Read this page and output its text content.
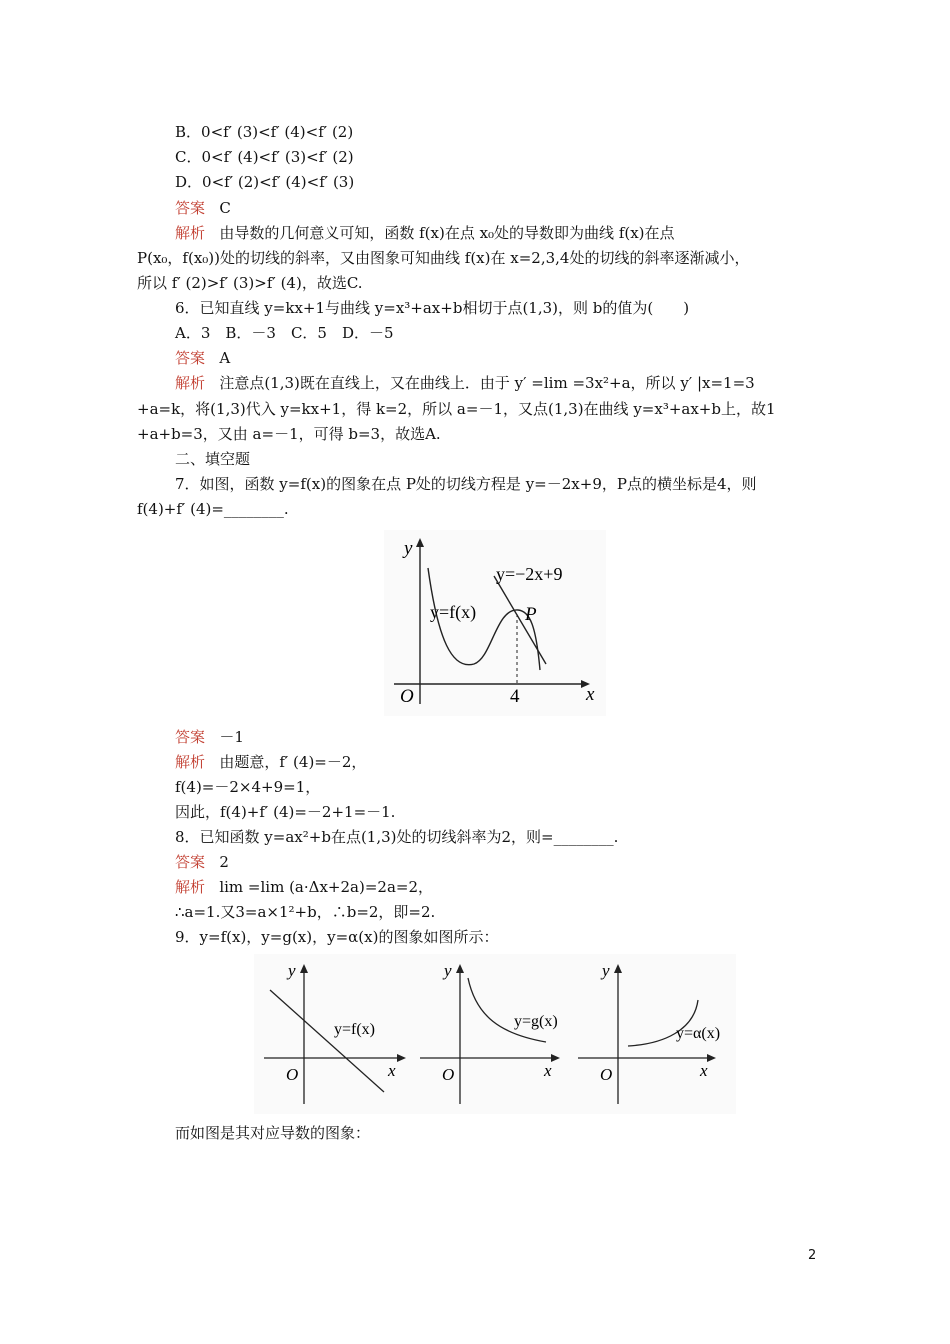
B．0<f′ (3)<f′ (4)<f′ (2)
C．0<f′ (4)<f′ (3)<f′ (2)
D．0<f′ (2)<f′ (4)<f′ (3)
答案 C
解析 由导数的几何意义可知，函数 f(x)在点 x₀处的导数即为曲线 f(x)在点
P(x₀，f(x₀))处的切线的斜率，又由图象可知曲线 f(x)在 x=2,3,4处的切线的斜率逐渐减小，
所以 f′ (2)>f′ (3)>f′ (4)，故选C.
6．已知直线 y=kx+1与曲线 y=x³+ax+b相切于点(1,3)，则 b的值为(　　)
A．3　B．－3　C．5　D．－5
答案 A
解析 注意点(1,3)既在直线上，又在曲线上．由于 y′ =lim =3x²+a，所以 y′ |x=1=3
+a=k，将(1,3)代入 y=kx+1，得 k=2，所以 a=－1，又点(1,3)在曲线 y=x³+ax+b上，故1
+a+b=3，又由 a=－1，可得 b=3，故选A.
二、填空题
7．如图，函数 y=f(x)的图象在点 P处的切线方程是 y=－2x+9，P点的横坐标是4，则
f(4)+f′ (4)=________.
y
x
O
y=−2x+9
y=f(x)	P
4
答案 －1
解析 由题意，f′ (4)=－2，
f(4)=－2×4+9=1，
因此，f(4)+f′ (4)=－2+1=－1.
8．已知函数 y=ax²+b在点(1,3)处的切线斜率为2，则=________.
答案 2
解析 lim =lim (a·Δx+2a)=2a=2，
∴a=1.又3=a×1²+b，∴b=2，即=2.
9．y=f(x)，y=g(x)，y=α(x)的图象如图所示：
y
x
O
y=f(x)
y
x
O
y=g(x)
y
x
O
y=α(x)
而如图是其对应导数的图象：
2
